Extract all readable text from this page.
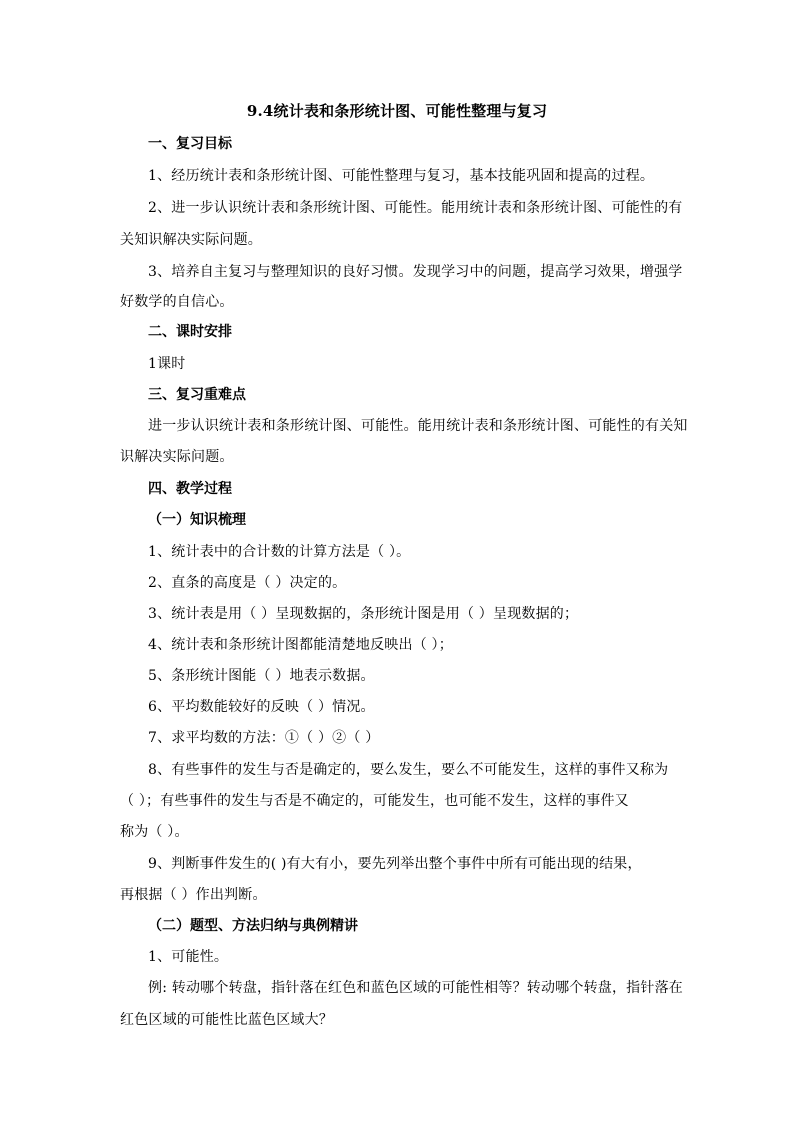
9.4统计表和条形统计图、可能性整理与复习
一、复习目标
1、经历统计表和条形统计图、可能性整理与复习，基本技能巩固和提高的过程。
2、进一步认识统计表和条形统计图、可能性。能用统计表和条形统计图、可能性的有
关知识解决实际问题。
3、培养自主复习与整理知识的良好习惯。发现学习中的问题，提高学习效果，增强学
好数学的自信心。
二、课时安排
1课时
三、复习重难点
进一步认识统计表和条形统计图、可能性。能用统计表和条形统计图、可能性的有关知
识解决实际问题。
四、教学过程
（一）知识梳理
1、统计表中的合计数的计算方法是（ ）。
2、直条的高度是（ ）决定的。
3、统计表是用（ ）呈现数据的，条形统计图是用（ ）呈现数据的；
4、统计表和条形统计图都能清楚地反映出（ ）；
5、条形统计图能（ ）地表示数据。
6、平均数能较好的反映（ ）情况。
7、求平均数的方法：①（ ）②（ ）
8、有些事件的发生与否是确定的，要么发生，要么不可能发生，这样的事件又称为
（ ）；有些事件的发生与否是不确定的，可能发生，也可能不发生，这样的事件又
称为（ ）。
9、判断事件发生的( )有大有小，要先列举出整个事件中所有可能出现的结果，
再根据（ ）作出判断。
（二）题型、方法归纳与典例精讲
1、可能性。
例: 转动哪个转盘，指针落在红色和蓝色区域的可能性相等？转动哪个转盘，指针落在
红色区域的可能性比蓝色区域大？
